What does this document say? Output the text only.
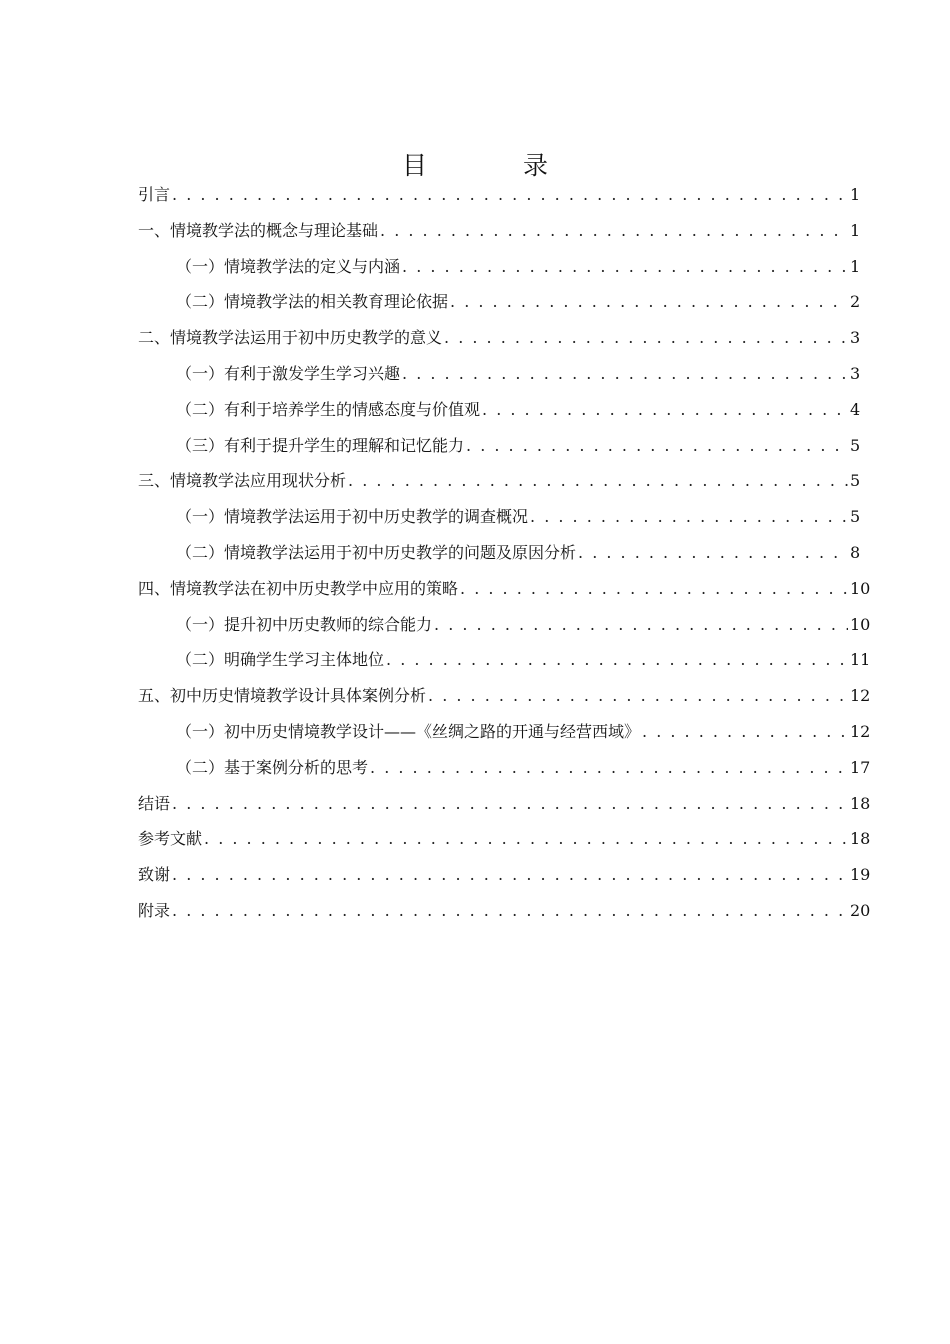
目 录
引言 . . .	1
一、情境教学法的概念与理论基础 . . .	1
（一）情境教学法的定义与内涵 . . .	1
（二）情境教学法的相关教育理论依据 . . .	2
二、情境教学法运用于初中历史教学的意义 . . .	3
（一）有利于激发学生学习兴趣 . . .	3
（二）有利于培养学生的情感态度与价值观 . . .	4
（三）有利于提升学生的理解和记忆能力 . . .	5
三、情境教学法应用现状分析 . . .	5
（一）情境教学法运用于初中历史教学的调查概况 . . .	5
（二）情境教学法运用于初中历史教学的问题及原因分析 . . .	8
四、情境教学法在初中历史教学中应用的策略 . . .	10
（一）提升初中历史教师的综合能力 . . .	10
（二）明确学生学习主体地位 . . .	11
五、初中历史情境教学设计具体案例分析 . . .	12
（一）初中历史情境教学设计——《丝绸之路的开通与经营西域》 . . .	12
（二）基于案例分析的思考 . . .	17
结语 . . .	18
参考文献 . . .	18
致谢 . . .	19
附录 . . .	20
